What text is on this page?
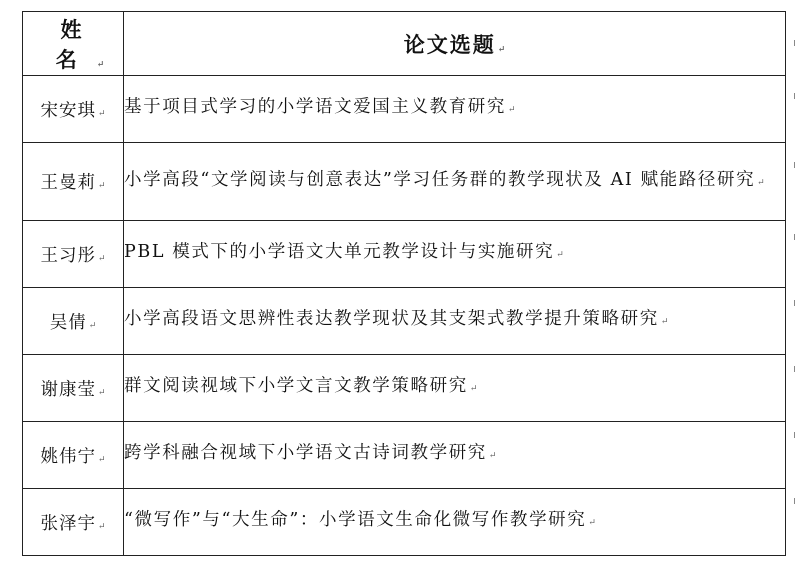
姓 名 ↵	论文选题 ↵
宋安琪 ↵	基于项目式学习的小学语文爱国主义教育研究 ↵
王曼莉 ↵	小学高段“文学阅读与创意表达”学习任务群的教学现状及 AI 赋能路径研究 ↵
王习彤 ↵	PBL 模式下的小学语文大单元教学设计与实施研究 ↵
吴倩 ↵	小学高段语文思辨性表达教学现状及其支架式教学提升策略研究 ↵
谢康莹 ↵	群文阅读视域下小学文言文教学策略研究 ↵
姚伟宁 ↵	跨学科融合视域下小学语文古诗词教学研究 ↵
张泽宇 ↵	“微写作”与“大生命”：小学语文生命化微写作教学研究 ↵
